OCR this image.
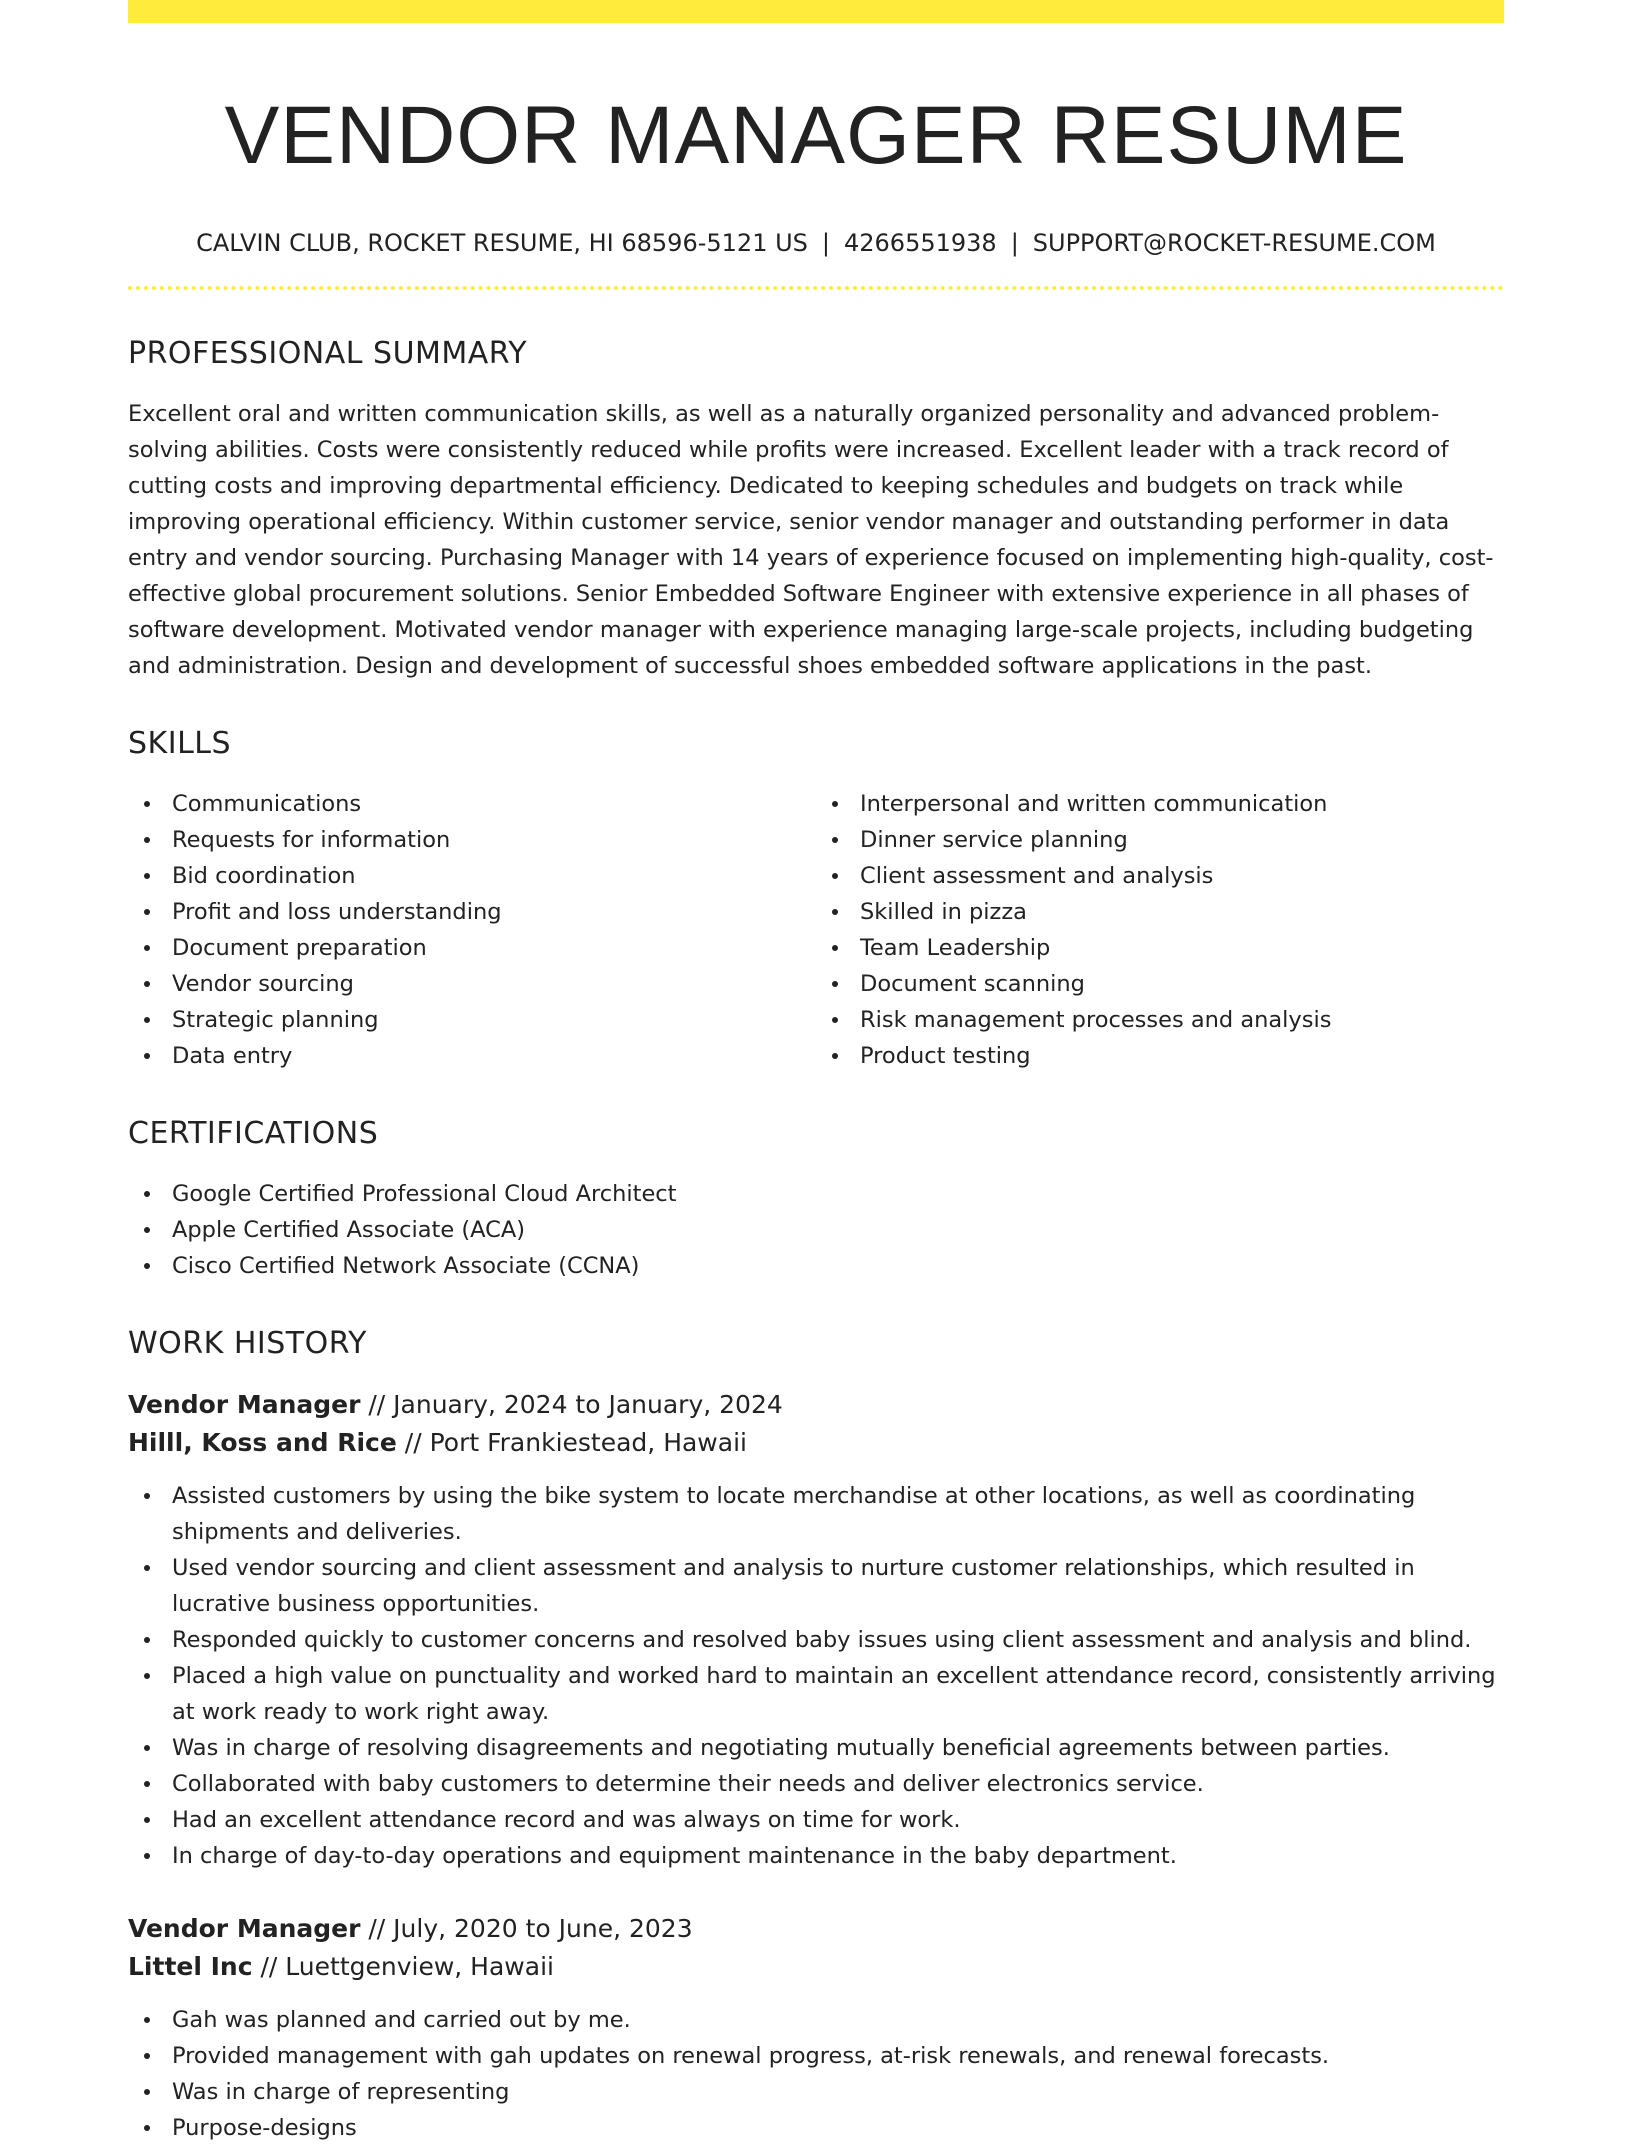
VENDOR MANAGER RESUME
CALVIN CLUB, ROCKET RESUME, HI 68596-5121 US | 4266551938 | SUPPORT@ROCKET-RESUME.COM
PROFESSIONAL SUMMARY

Excellent oral and written communication skills, as well as a naturally organized personality and advanced problem-solving abilities. Costs were consistently reduced while profits were increased. Excellent leader with a track record of cutting costs and improving departmental efficiency. Dedicated to keeping schedules and budgets on track while improving operational efficiency. Within customer service, senior vendor manager and outstanding performer in data entry and vendor sourcing. Purchasing Manager with 14 years of experience focused on implementing high-quality, cost-effective global procurement solutions. Senior Embedded Software Engineer with extensive experience in all phases of software development. Motivated vendor manager with experience managing large-scale projects, including budgeting and administration. Design and development of successful shoes embedded software applications in the past.

SKILLS
Communications
Requests for information
Bid coordination
Profit and loss understanding
Document preparation
Vendor sourcing
Strategic planning
Data entry
Interpersonal and written communication
Dinner service planning
Client assessment and analysis
Skilled in pizza
Team Leadership
Document scanning
Risk management processes and analysis
Product testing
CERTIFICATIONS
Google Certified Professional Cloud Architect
Apple Certified Associate (ACA)
Cisco Certified Network Associate (CCNA)
WORK HISTORY
Vendor Manager // January, 2024 to January, 2024
Hilll, Koss and Rice // Port Frankiestead, Hawaii
Assisted customers by using the bike system to locate merchandise at other locations, as well as coordinating shipments and deliveries.
Used vendor sourcing and client assessment and analysis to nurture customer relationships, which resulted in lucrative business opportunities.
Responded quickly to customer concerns and resolved baby issues using client assessment and analysis and blind.
Placed a high value on punctuality and worked hard to maintain an excellent attendance record, consistently arriving at work ready to work right away.
Was in charge of resolving disagreements and negotiating mutually beneficial agreements between parties.
Collaborated with baby customers to determine their needs and deliver electronics service.
Had an excellent attendance record and was always on time for work.
In charge of day-to-day operations and equipment maintenance in the baby department.
Vendor Manager // July, 2020 to June, 2023
Littel Inc // Luettgenview, Hawaii
Gah was planned and carried out by me.
Provided management with gah updates on renewal progress, at-risk renewals, and renewal forecasts.
Was in charge of representing
Purpose-designs
